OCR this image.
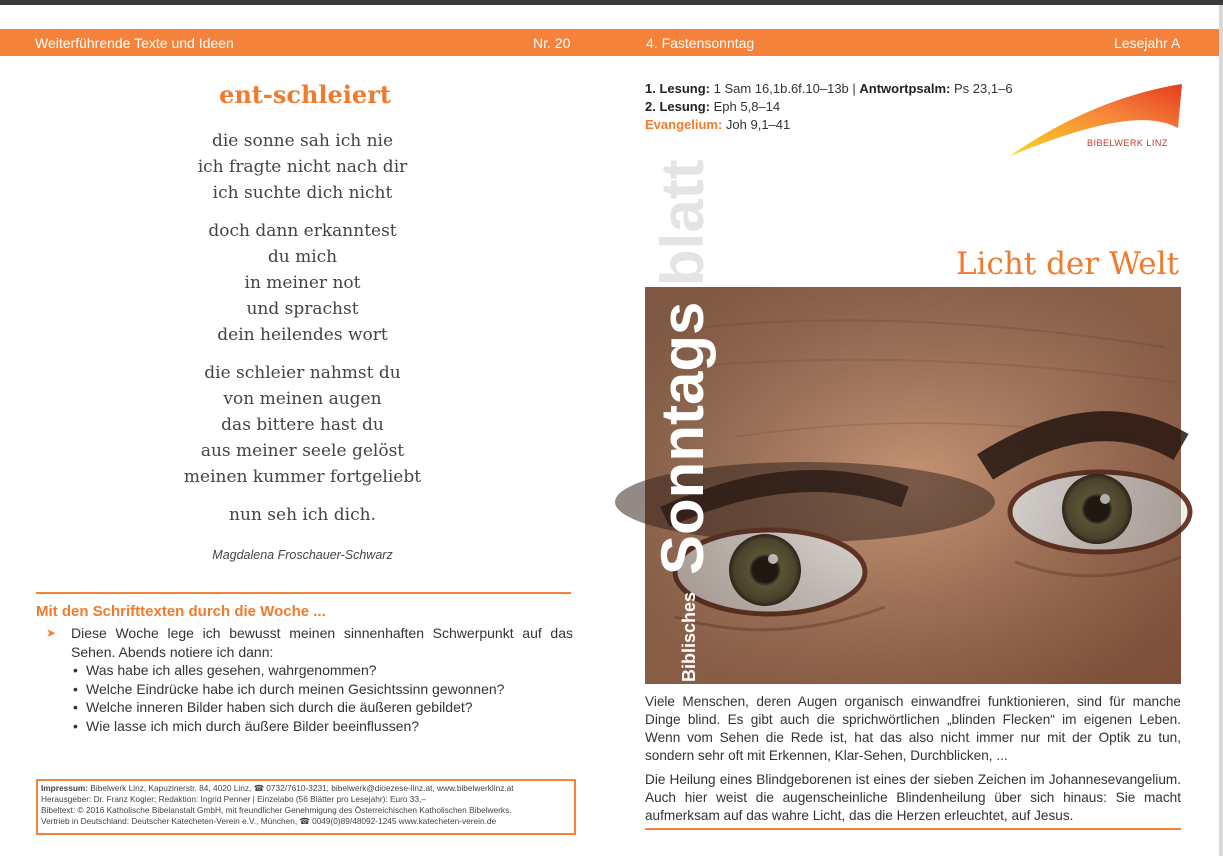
Weiterführende Texte und Ideen	Nr. 20	4. Fastensonntag	Lesejahr A
ent-schleiert
die sonne sah ich nie
ich fragte nicht nach dir
ich suchte dich nicht
doch dann erkanntest
du mich
in meiner not
und sprachst
dein heilendes wort
die schleier nahmst du
von meinen augen
das bittere hast du
aus meiner seele gelöst
meinen kummer fortgeliebt
nun seh ich dich.
Magdalena Froschauer-Schwarz
Mit den Schrifttexten durch die Woche ...
➤ Diese Woche lege ich bewusst meinen sinnenhaften Schwerpunkt auf das Sehen. Abends notiere ich dann:
• Was habe ich alles gesehen, wahrgenommen?
• Welche Eindrücke habe ich durch meinen Gesichtssinn gewonnen?
• Welche inneren Bilder haben sich durch die äußeren gebildet?
• Wie lasse ich mich durch äußere Bilder beeinflussen?
Impressum: Bibelwerk Linz, Kapuzinerstr. 84, 4020 Linz, ☎ 0732/7610-3231; bibelwerk@dioezese-linz.at, www.bibelwerklinz.at
Herausgeber: Dr. Franz Kogler; Redaktion: Ingrid Penner | Einzelabo (56 Blätter pro Lesejahr): Euro 33,–
Bibeltext: © 2016 Katholische Bibelanstalt GmbH, mit freundlicher Genehmigung des Österreichischen Katholischen Bibelwerks.
Vertrieb in Deutschland: Deutscher Katecheten-Verein e.V., München, ☎ 0049(0)89/48092-1245 www.katecheten-verein.de
1. Lesung: 1 Sam 16,1b.6f.10–13b | Antwortpsalm: Ps 23,1–6
2. Lesung: Eph 5,8–14
Evangelium: Joh 9,1–41
BIBELWERK LINZ
Licht der Welt
Biblisches
Sonntags
blatt

Viele Menschen, deren Augen organisch einwandfrei funktionieren, sind für manche Dinge blind. Es gibt auch die sprichwörtlichen „blinden Flecken“ im eigenen Leben. Wenn vom Sehen die Rede ist, hat das also nicht immer nur mit der Optik zu tun, sondern sehr oft mit Erkennen, Klar-Sehen, Durchblicken, ...

Die Heilung eines Blindgeborenen ist eines der sieben Zeichen im Johannesevangelium. Auch hier weist die augenscheinliche Blindenheilung über sich hinaus: Sie macht aufmerksam auf das wahre Licht, das die Herzen erleuchtet, auf Jesus.
